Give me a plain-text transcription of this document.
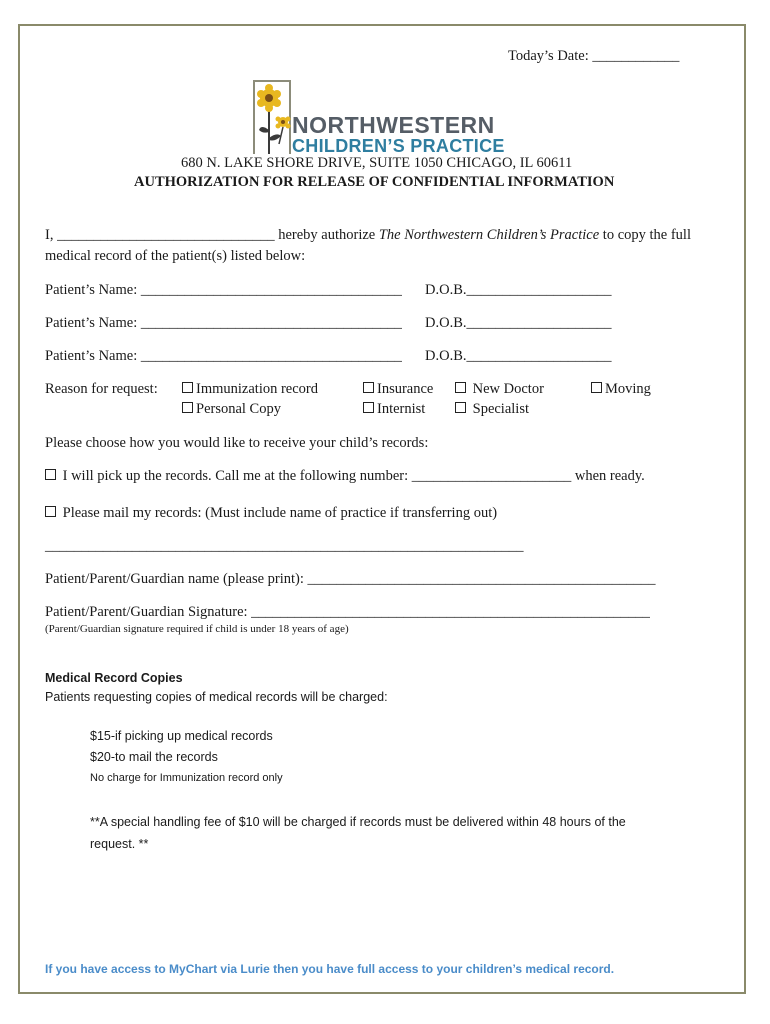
Today’s Date: ____________
NORTHWESTERN
CHILDREN’S PRACTICE
680 N. LAKE SHORE DRIVE, SUITE 1050 CHICAGO, IL 60611
AUTHORIZATION FOR RELEASE OF CONFIDENTIAL INFORMATION
I, ______________________________ hereby authorize The Northwestern Children’s Practice to copy the full
medical record of the patient(s) listed below:
Patient’s Name: ____________________________________ D.O.B.____________________
Patient’s Name: ____________________________________ D.O.B.____________________
Patient’s Name: ____________________________________ D.O.B.____________________
Reason for request:	Immunization record
Personal Copy
Insurance
Internist
New Doctor
Specialist
Moving
Please choose how you would like to receive your child’s records:
I will pick up the records. Call me at the following number: ______________________ when ready.
Please mail my records: (Must include name of practice if transferring out)
__________________________________________________________________
Patient/Parent/Guardian name (please print): ________________________________________________
Patient/Parent/Guardian Signature: _______________________________________________________
(Parent/Guardian signature required if child is under 18 years of age)
Medical Record Copies
Patients requesting copies of medical records will be charged:
$15-if picking up medical records
$20-to mail the records
No charge for Immunization record only
**A special handling fee of $10 will be charged if records must be delivered within 48 hours of the
request. **
If you have access to MyChart via Lurie then you have full access to your children’s medical record.
